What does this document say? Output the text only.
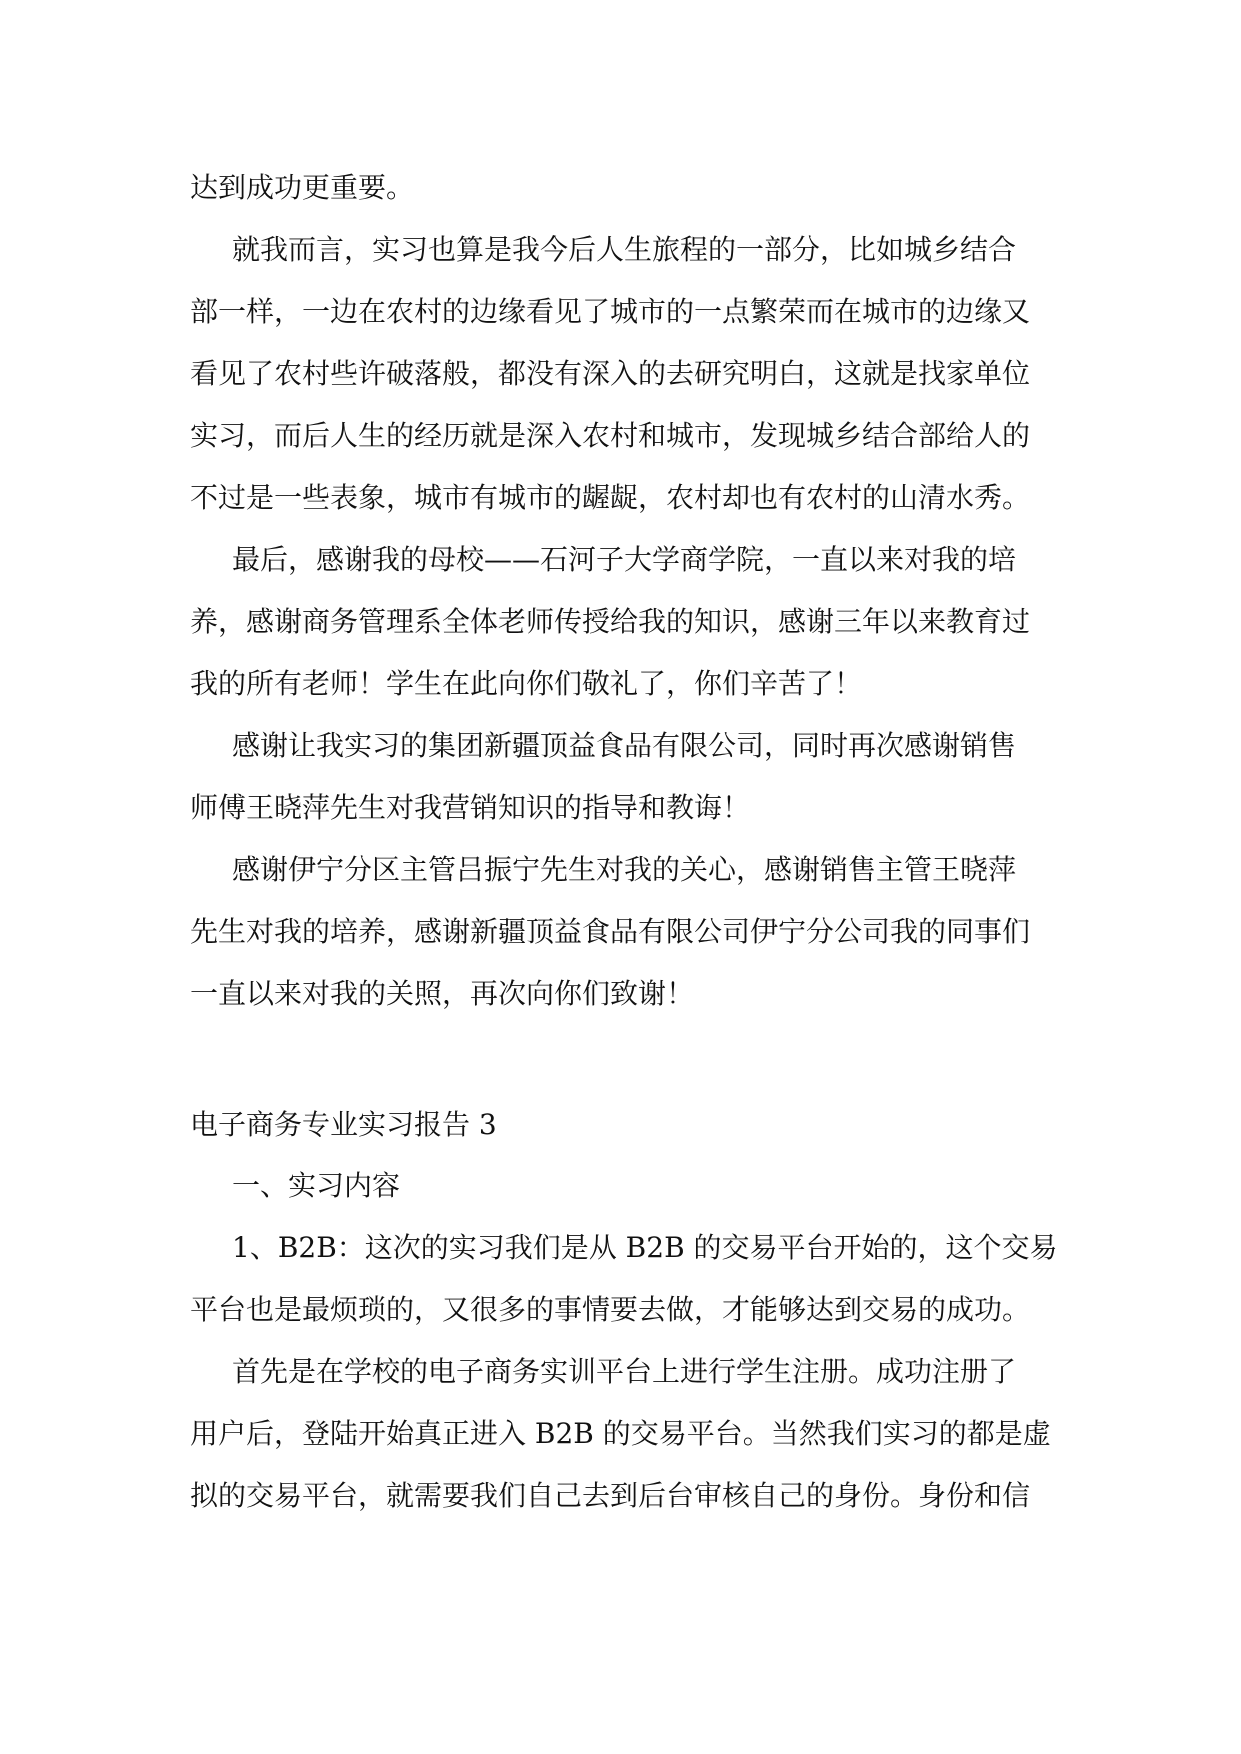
达到成功更重要。
就我而言，实习也算是我今后人生旅程的一部分，比如城乡结合
部一样，一边在农村的边缘看见了城市的一点繁荣而在城市的边缘又
看见了农村些许破落般，都没有深入的去研究明白，这就是找家单位
实习，而后人生的经历就是深入农村和城市，发现城乡结合部给人的
不过是一些表象，城市有城市的龌龊，农村却也有农村的山清水秀。
最后，感谢我的母校——石河子大学商学院，一直以来对我的培
养，感谢商务管理系全体老师传授给我的知识，感谢三年以来教育过
我的所有老师！学生在此向你们敬礼了，你们辛苦了！
感谢让我实习的集团新疆顶益食品有限公司，同时再次感谢销售
师傅王晓萍先生对我营销知识的指导和教诲！
感谢伊宁分区主管吕振宁先生对我的关心，感谢销售主管王晓萍
先生对我的培养，感谢新疆顶益食品有限公司伊宁分公司我的同事们
一直以来对我的关照，再次向你们致谢！
电子商务专业实习报告 3
一、实习内容
1、B2B：这次的实习我们是从 B2B 的交易平台开始的，这个交易
平台也是最烦琐的，又很多的事情要去做，才能够达到交易的成功。
首先是在学校的电子商务实训平台上进行学生注册。成功注册了
用户后，登陆开始真正进入 B2B 的交易平台。当然我们实习的都是虚
拟的交易平台，就需要我们自己去到后台审核自己的身份。身份和信
